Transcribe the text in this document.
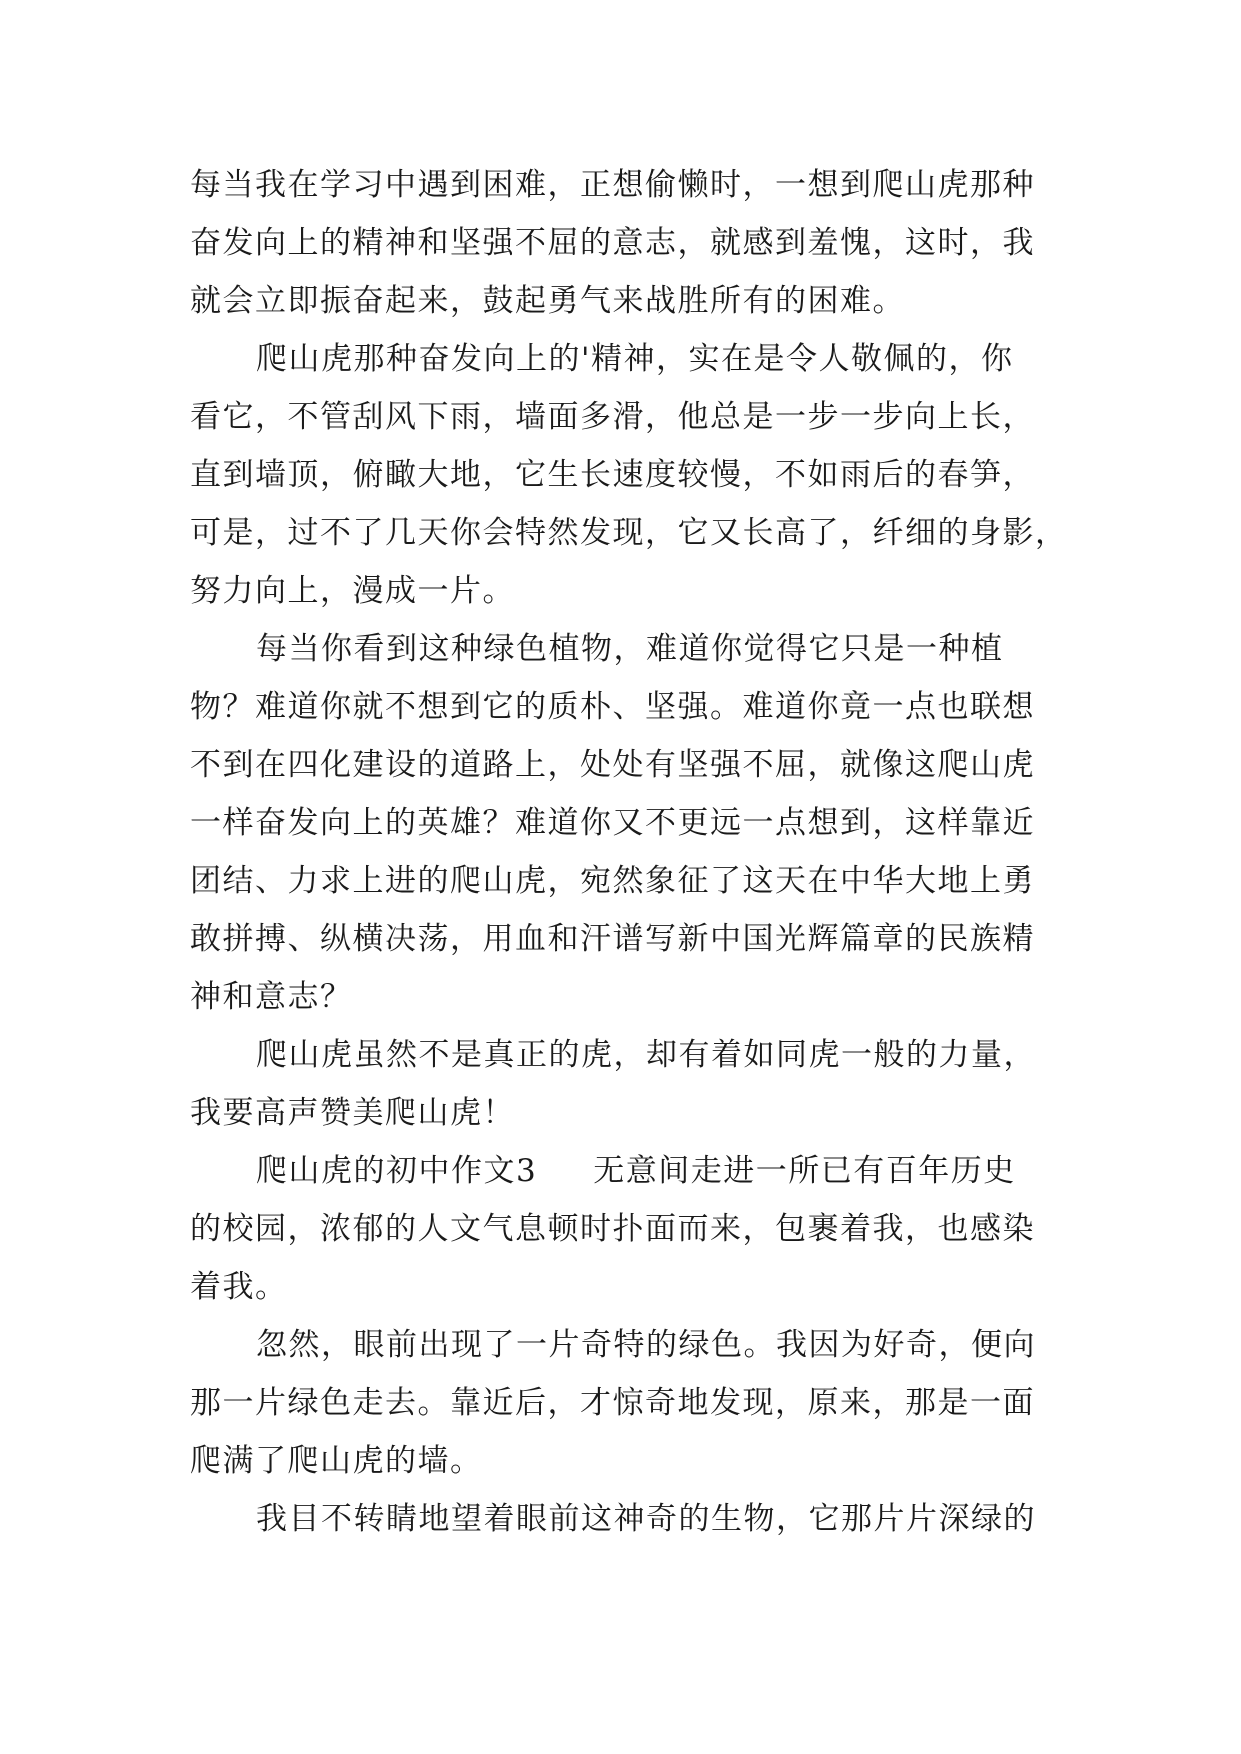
每当我在学习中遇到困难，正想偷懒时，一想到爬山虎那种
奋发向上的精神和坚强不屈的意志，就感到羞愧，这时，我
就会立即振奋起来，鼓起勇气来战胜所有的困难。
爬山虎那种奋发向上的'精神，实在是令人敬佩的，你
看它，不管刮风下雨，墙面多滑，他总是一步一步向上长，
直到墙顶，俯瞰大地，它生长速度较慢，不如雨后的春笋，
可是，过不了几天你会特然发现，它又长高了，纤细的身影，
努力向上，漫成一片。
每当你看到这种绿色植物，难道你觉得它只是一种植
物？难道你就不想到它的质朴、坚强。难道你竟一点也联想
不到在四化建设的道路上，处处有坚强不屈，就像这爬山虎
一样奋发向上的英雄？难道你又不更远一点想到，这样靠近
团结、力求上进的爬山虎，宛然象征了这天在中华大地上勇
敢拼搏、纵横决荡，用血和汗谱写新中国光辉篇章的民族精
神和意志？
爬山虎虽然不是真正的虎，却有着如同虎一般的力量，
我要高声赞美爬山虎！
爬山虎的初中作文3 无意间走进一所已有百年历史
的校园，浓郁的人文气息顿时扑面而来，包裹着我，也感染
着我。
忽然，眼前出现了一片奇特的绿色。我因为好奇，便向
那一片绿色走去。靠近后，才惊奇地发现，原来，那是一面
爬满了爬山虎的墙。
我目不转睛地望着眼前这神奇的生物，它那片片深绿的
